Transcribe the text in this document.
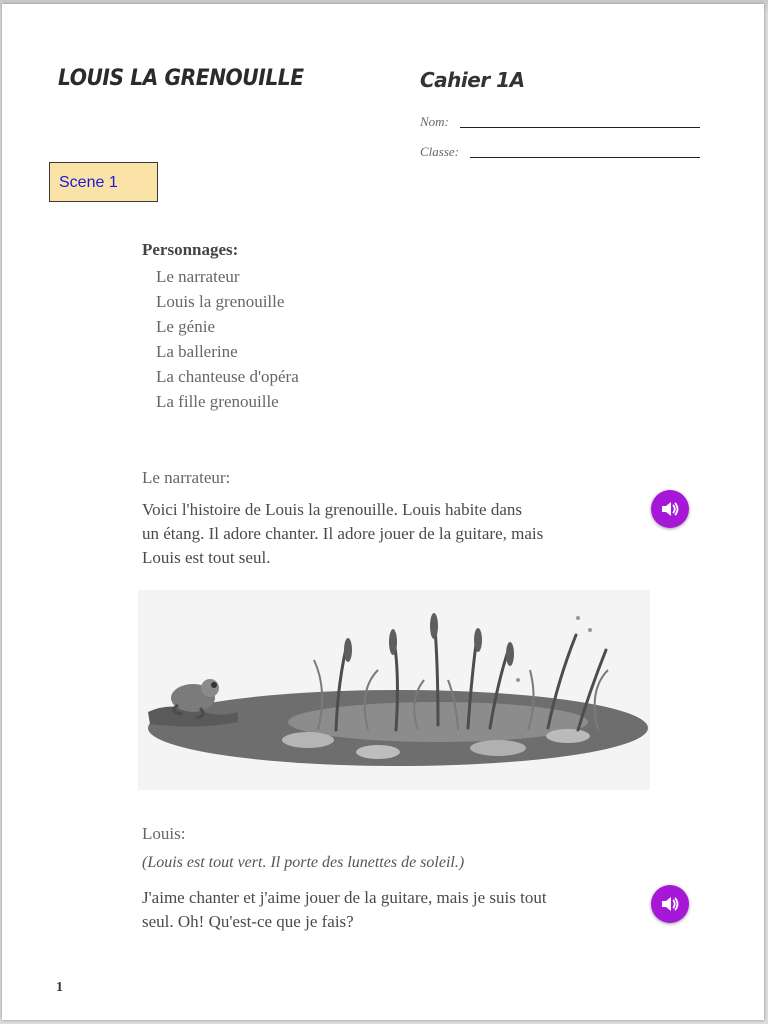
LOUIS LA GRENOUILLE	Cahier 1A
Nom:
Classe:
Scene 1
Personnages:
Le narrateur
Louis la grenouille
Le génie
La ballerine
La chanteuse d'opéra
La fille grenouille
Le narrateur:
Voici l'histoire de Louis la grenouille. Louis habite dans
un étang. Il adore chanter. Il adore jouer de la guitare, mais
Louis est tout seul.
Louis:
(Louis est tout vert. Il porte des lunettes de soleil.)
J'aime chanter et j'aime jouer de la guitare, mais je suis tout
seul. Oh! Qu'est-ce que je fais?
1
